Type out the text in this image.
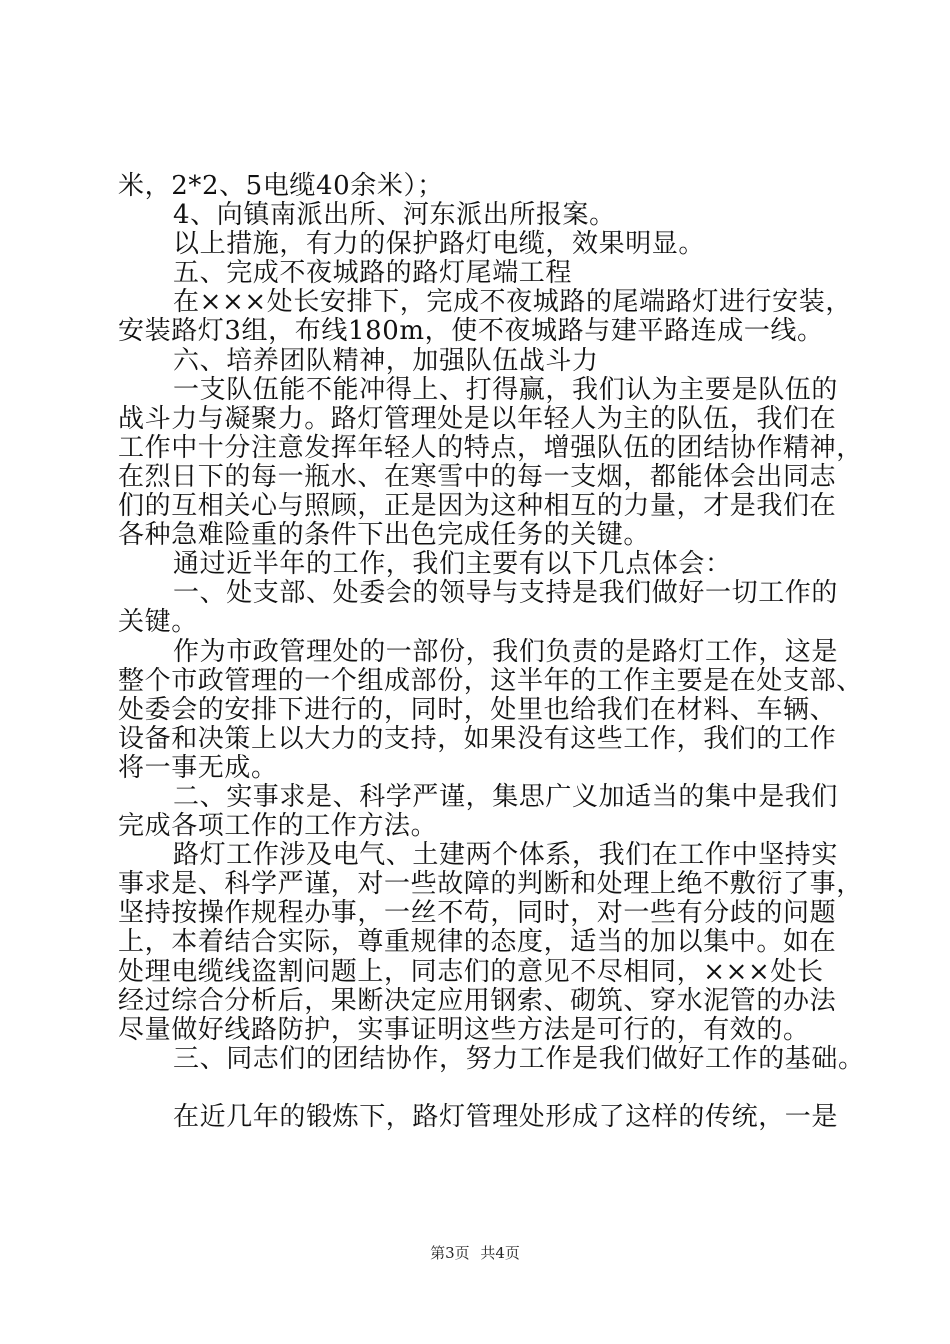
米，2*2、5电缆40余米）；
4、向镇南派出所、河东派出所报案。
以上措施，有力的保护路灯电缆，效果明显。
五、完成不夜城路的路灯尾端工程
在×××处长安排下，完成不夜城路的尾端路灯进行安装，
安装路灯3组，布线180m，使不夜城路与建平路连成一线。
六、培养团队精神，加强队伍战斗力
一支队伍能不能冲得上、打得赢，我们认为主要是队伍的
战斗力与凝聚力。路灯管理处是以年轻人为主的队伍，我们在
工作中十分注意发挥年轻人的特点，增强队伍的团结协作精神，
在烈日下的每一瓶水、在寒雪中的每一支烟，都能体会出同志
们的互相关心与照顾，正是因为这种相互的力量，才是我们在
各种急难险重的条件下出色完成任务的关键。
通过近半年的工作，我们主要有以下几点体会：
一、处支部、处委会的领导与支持是我们做好一切工作的
关键。
作为市政管理处的一部份，我们负责的是路灯工作，这是
整个市政管理的一个组成部份，这半年的工作主要是在处支部、
处委会的安排下进行的，同时，处里也给我们在材料、车辆、
设备和决策上以大力的支持，如果没有这些工作，我们的工作
将一事无成。
二、实事求是、科学严谨，集思广义加适当的集中是我们
完成各项工作的工作方法。
路灯工作涉及电气、土建两个体系，我们在工作中坚持实
事求是、科学严谨，对一些故障的判断和处理上绝不敷衍了事，
坚持按操作规程办事，一丝不苟，同时，对一些有分歧的问题
上，本着结合实际，尊重规律的态度，适当的加以集中。如在
处理电缆线盗割问题上，同志们的意见不尽相同，×××处长
经过综合分析后，果断决定应用钢索、砌筑、穿水泥管的办法
尽量做好线路防护，实事证明这些方法是可行的，有效的。
三、同志们的团结协作，努力工作是我们做好工作的基础。
在近几年的锻炼下，路灯管理处形成了这样的传统，一是
第3页 共4页
